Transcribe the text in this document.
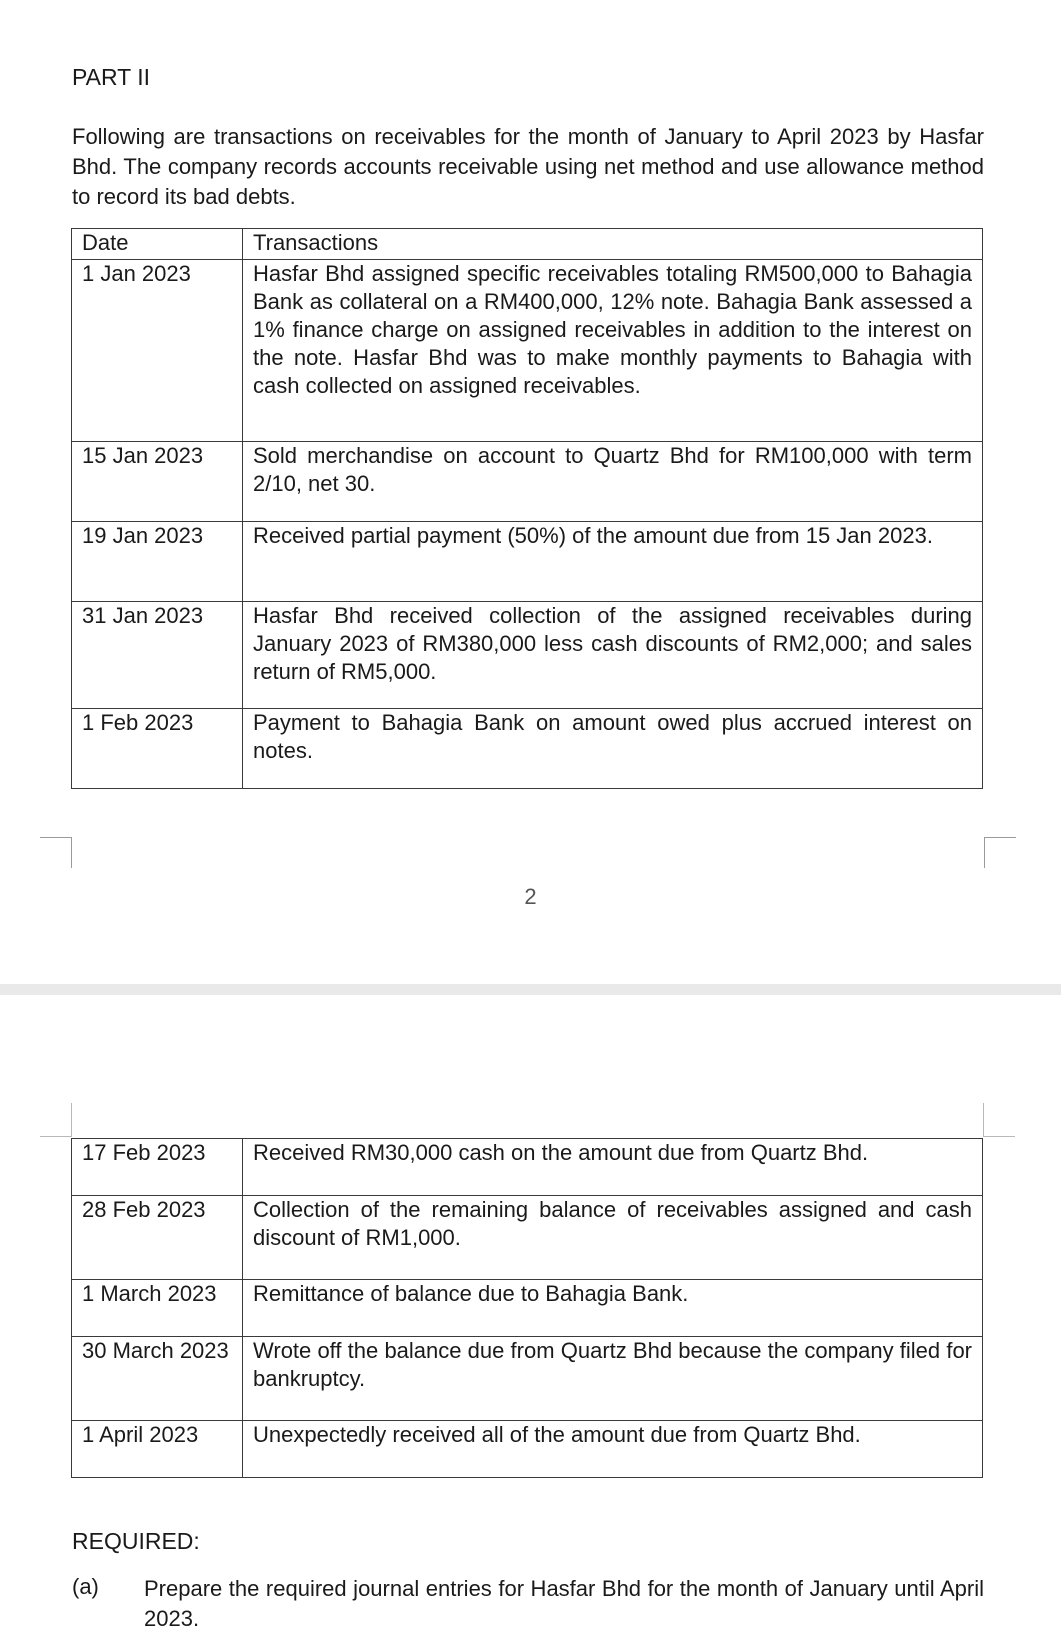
PART II
Following are transactions on receivables for the month of January to April 2023 by Hasfar Bhd. The company records accounts receivable using net method and use allowance method to record its bad debts.
Date	Transactions
1 Jan 2023	Hasfar Bhd assigned specific receivables totaling RM500,000 to Bahagia Bank as collateral on a RM400,000, 12% note. Bahagia Bank assessed a 1% finance charge on assigned receivables in addition to the interest on the note. Hasfar Bhd was to make monthly payments to Bahagia with cash collected on assigned receivables.
15 Jan 2023	Sold merchandise on account to Quartz Bhd for RM100,000 with term 2/10, net 30.
19 Jan 2023	Received partial payment (50%) of the amount due from 15 Jan 2023.
31 Jan 2023	Hasfar Bhd received collection of the assigned receivables during January 2023 of RM380,000 less cash discounts of RM2,000; and sales return of RM5,000.
1 Feb 2023	Payment to Bahagia Bank on amount owed plus accrued interest on notes.
2
17 Feb 2023	Received RM30,000 cash on the amount due from Quartz Bhd.
28 Feb 2023	Collection of the remaining balance of receivables assigned and cash discount of RM1,000.
1 March 2023	Remittance of balance due to Bahagia Bank.
30 March 2023	Wrote off the balance due from Quartz Bhd because the company filed for bankruptcy.
1 April 2023	Unexpectedly received all of the amount due from Quartz Bhd.
REQUIRED:
(a) Prepare the required journal entries for Hasfar Bhd for the month of January until April 2023.
